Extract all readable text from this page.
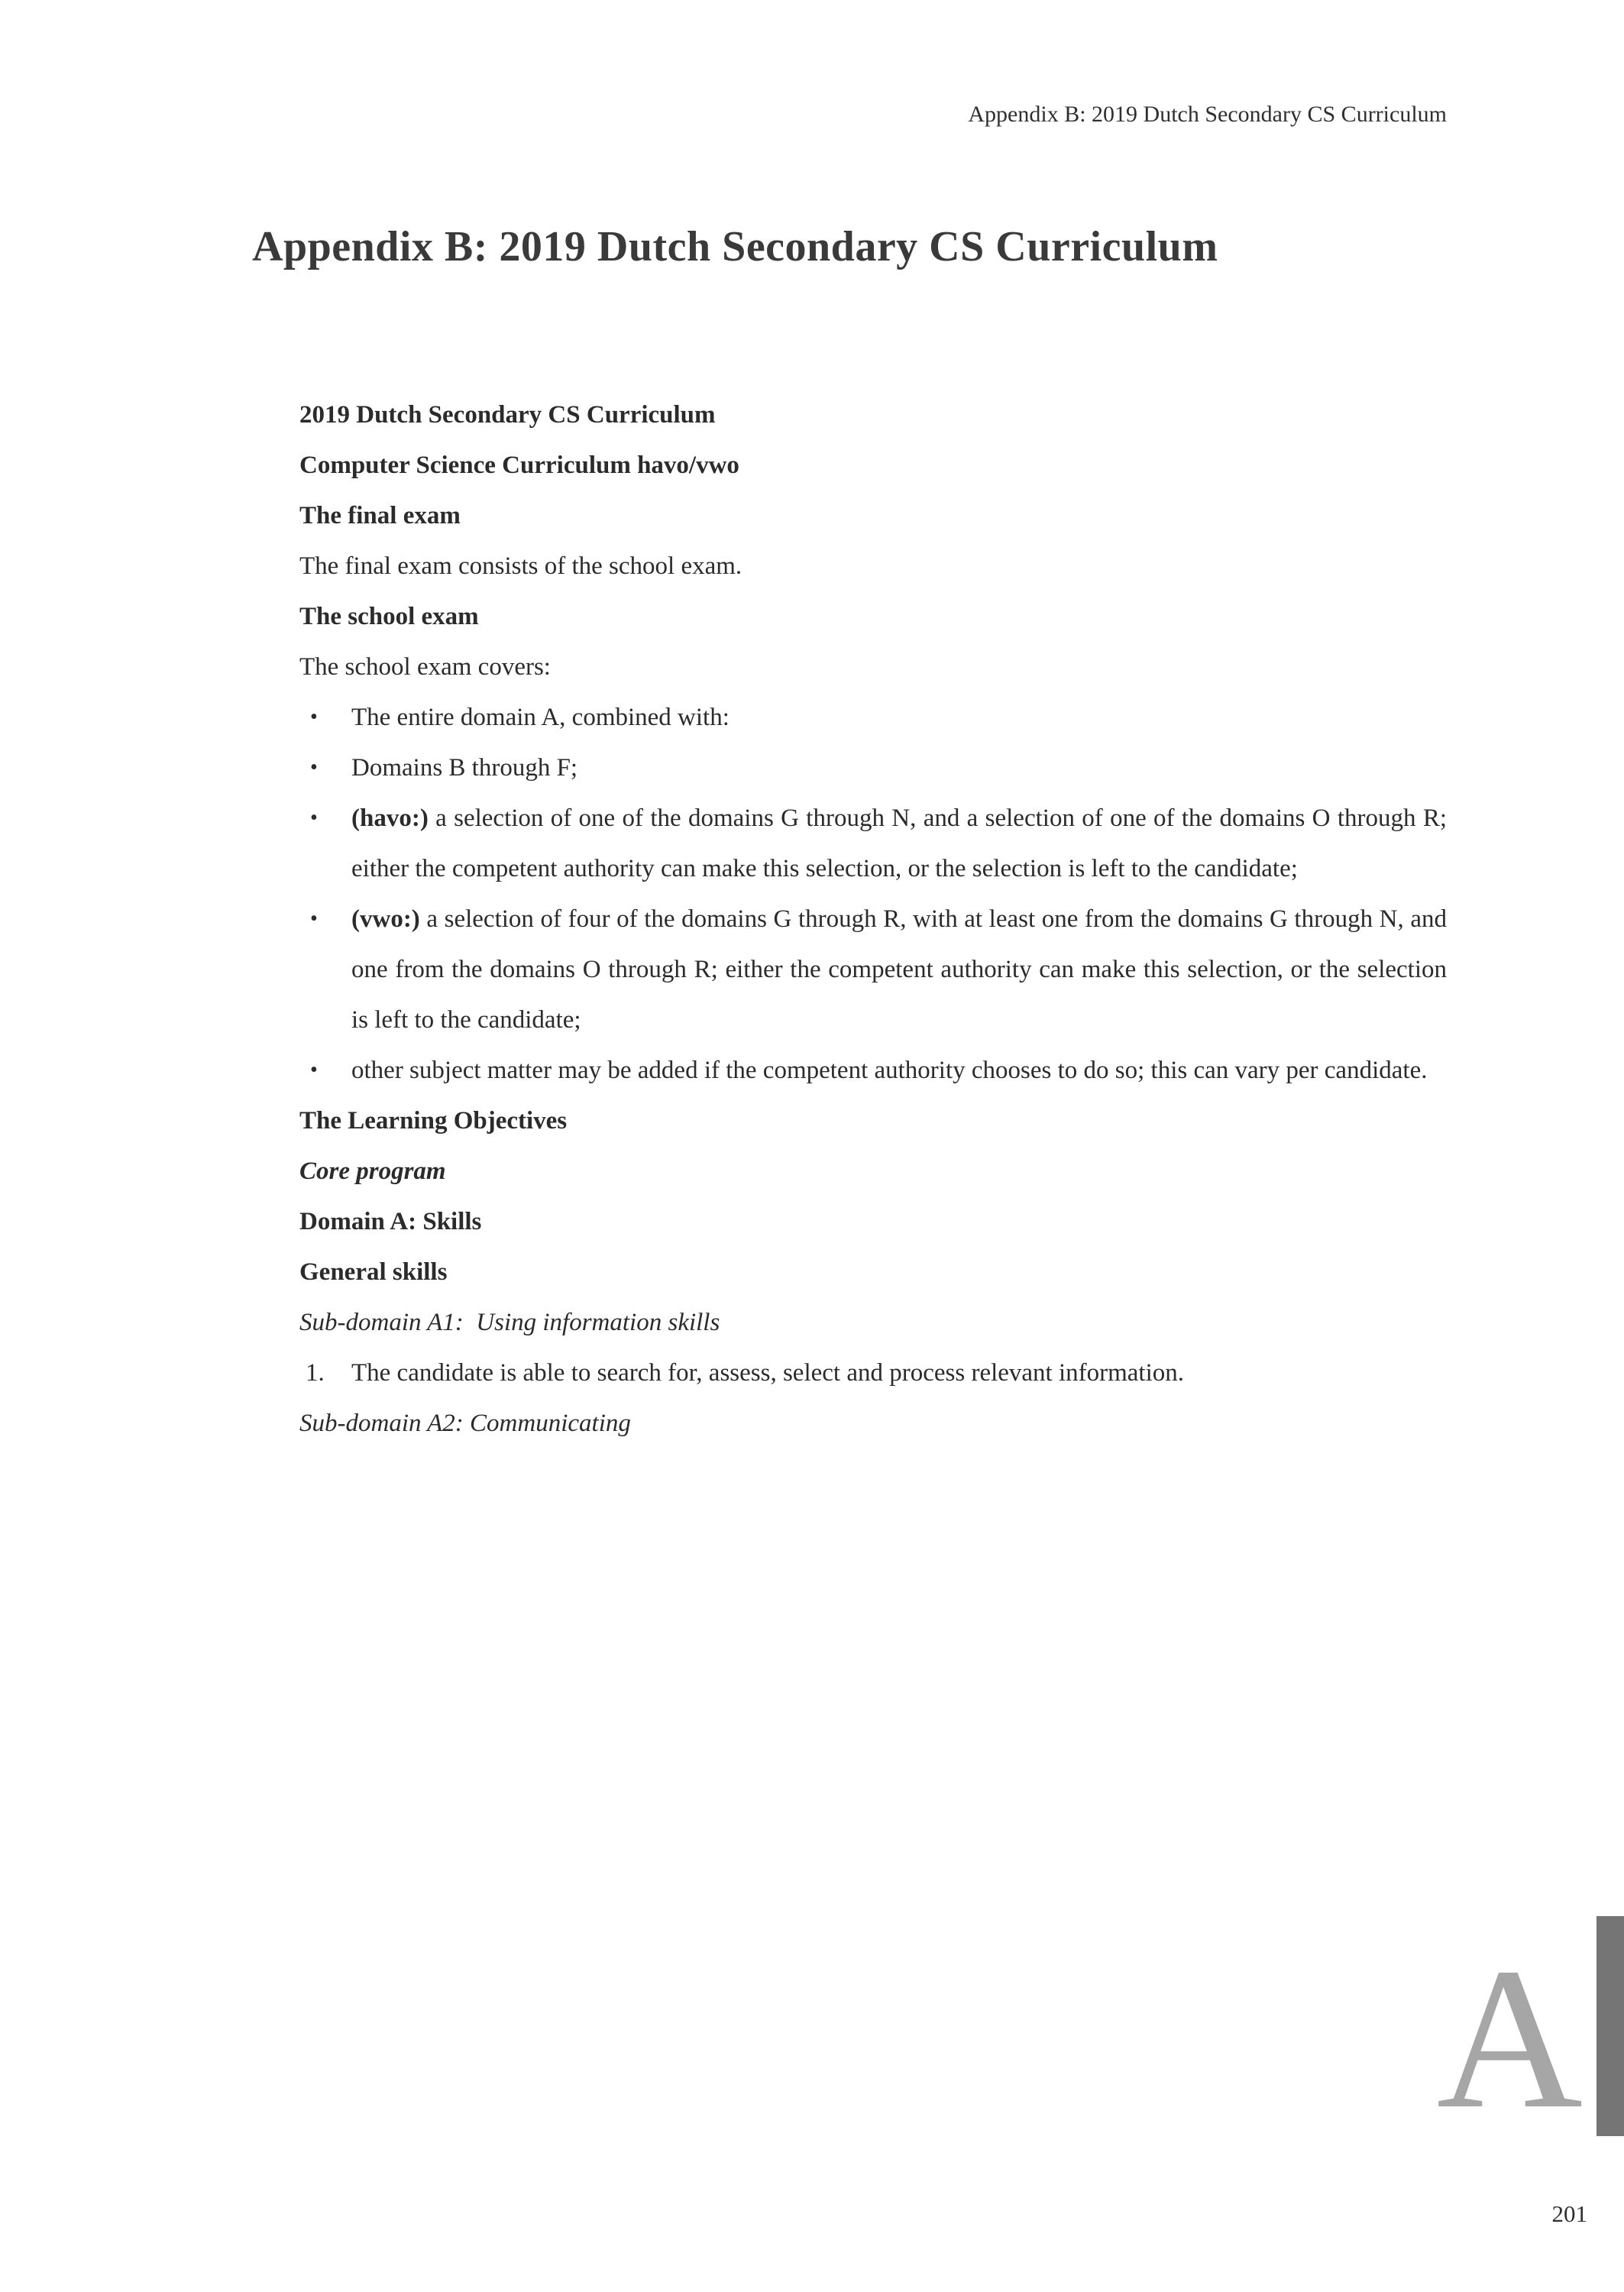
Appendix B: 2019 Dutch Secondary CS Curriculum
Appendix B: 2019 Dutch Secondary CS Curriculum

2019 Dutch Secondary CS Curriculum

Computer Science Curriculum havo/vwo

The final exam

The final exam consists of the school exam.

The school exam

The school exam covers:

• The entire domain A, combined with:
• Domains B through F;
• (havo:) a selection of one of the domains G through N, and a selection of one of the domains O through R; either the competent authority can make this selection, or the selection is left to the candidate;
• (vwo:) a selection of four of the domains G through R, with at least one from the domains G through N, and one from the domains O through R; either the competent authority can make this selection, or the selection is left to the candidate;
• other subject matter may be added if the competent authority chooses to do so; this can vary per candidate.

The Learning Objectives

Core program

Domain A: Skills

General skills

Sub-domain A1:  Using information skills

1. The candidate is able to search for, assess, select and process relevant information.

Sub-domain A2: Communicating

A
201
